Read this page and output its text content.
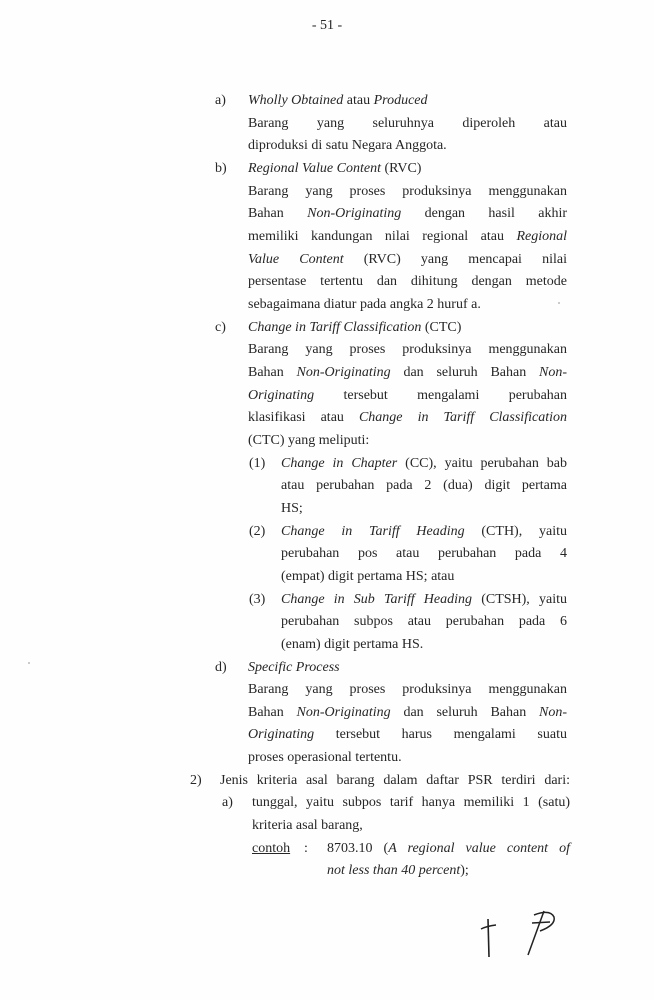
- 51 -
a) Wholly Obtained atau Produced
Barang yang seluruhnya diperoleh atau
diproduksi di satu Negara Anggota.
b) Regional Value Content (RVC)
Barang yang proses produksinya menggunakan
Bahan Non-Originating dengan hasil akhir
memiliki kandungan nilai regional atau Regional
Value Content (RVC) yang mencapai nilai
persentase tertentu dan dihitung dengan metode
sebagaimana diatur pada angka 2 huruf a.
c) Change in Tariff Classification (CTC)
Barang yang proses produksinya menggunakan
Bahan Non-Originating dan seluruh Bahan Non-
Originating tersebut mengalami perubahan
klasifikasi atau Change in Tariff Classification
(CTC) yang meliputi:
(1) Change in Chapter (CC), yaitu perubahan bab
atau perubahan pada 2 (dua) digit pertama
HS;
(2) Change in Tariff Heading (CTH), yaitu
perubahan pos atau perubahan pada 4
(empat) digit pertama HS; atau
(3) Change in Sub Tariff Heading (CTSH), yaitu
perubahan subpos atau perubahan pada 6
(enam) digit pertama HS.
d) Specific Process
Barang yang proses produksinya menggunakan
Bahan Non-Originating dan seluruh Bahan Non-
Originating tersebut harus mengalami suatu
proses operasional tertentu.
2) Jenis kriteria asal barang dalam daftar PSR terdiri dari:
a) tunggal, yaitu subpos tarif hanya memiliki 1 (satu)
kriteria asal barang,
contoh : 8703.10 (A regional value content of
not less than 40 percent);
